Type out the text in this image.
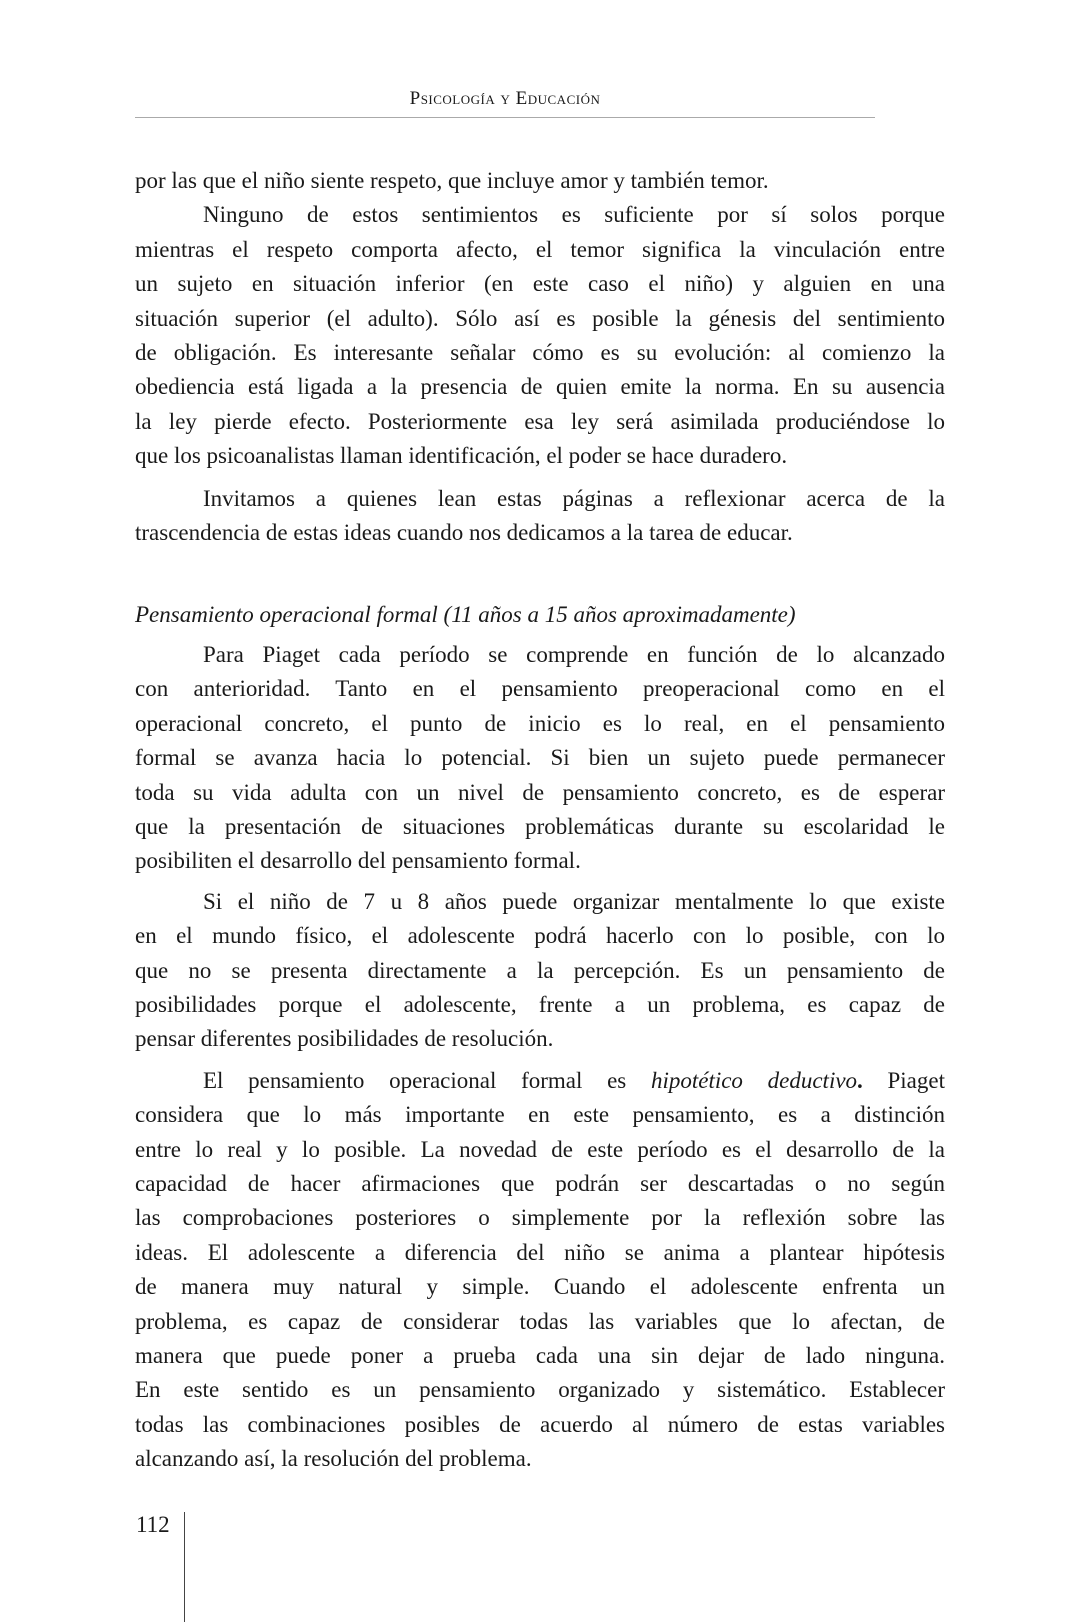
Psicología y Educación
por las que el niño siente respeto, que incluye amor y también temor.
Ninguno de estos sentimientos es suficiente por sí solos porque
mientras el respeto comporta afecto, el temor significa la vinculación entre
un sujeto en situación inferior (en este caso el niño) y alguien en una
situación superior (el adulto). Sólo así es posible la génesis del sentimiento
de obligación. Es interesante señalar cómo es su evolución: al comienzo la
obediencia está ligada a la presencia de quien emite la norma. En su ausencia
la ley pierde efecto. Posteriormente esa ley será asimilada produciéndose lo
que los psicoanalistas llaman identificación, el poder se hace duradero.
Invitamos a quienes lean estas páginas a reflexionar acerca de la
trascendencia de estas ideas cuando nos dedicamos a la tarea de educar.
Pensamiento operacional formal (11 años a 15 años aproximadamente)
Para Piaget cada período se comprende en función de lo alcanzado
con anterioridad. Tanto en el pensamiento preoperacional como en el
operacional concreto, el punto de inicio es lo real, en el pensamiento
formal se avanza hacia lo potencial. Si bien un sujeto puede permanecer
toda su vida adulta con un nivel de pensamiento concreto, es de esperar
que la presentación de situaciones problemáticas durante su escolaridad le
posibiliten el desarrollo del pensamiento formal.
Si el niño de 7 u 8 años puede organizar mentalmente lo que existe
en el mundo físico, el adolescente podrá hacerlo con lo posible, con lo
que no se presenta directamente a la percepción. Es un pensamiento de
posibilidades porque el adolescente, frente a un problema, es capaz de
pensar diferentes posibilidades de resolución.
El pensamiento operacional formal es hipotético deductivo. Piaget
considera que lo más importante en este pensamiento, es a distinción
entre lo real y lo posible. La novedad de este período es el desarrollo de la
capacidad de hacer afirmaciones que podrán ser descartadas o no según
las comprobaciones posteriores o simplemente por la reflexión sobre las
ideas. El adolescente a diferencia del niño se anima a plantear hipótesis
de manera muy natural y simple. Cuando el adolescente enfrenta un
problema, es capaz de considerar todas las variables que lo afectan, de
manera que puede poner a prueba cada una sin dejar de lado ninguna.
En este sentido es un pensamiento organizado y sistemático. Establecer
todas las combinaciones posibles de acuerdo al número de estas variables
alcanzando así, la resolución del problema.
112
